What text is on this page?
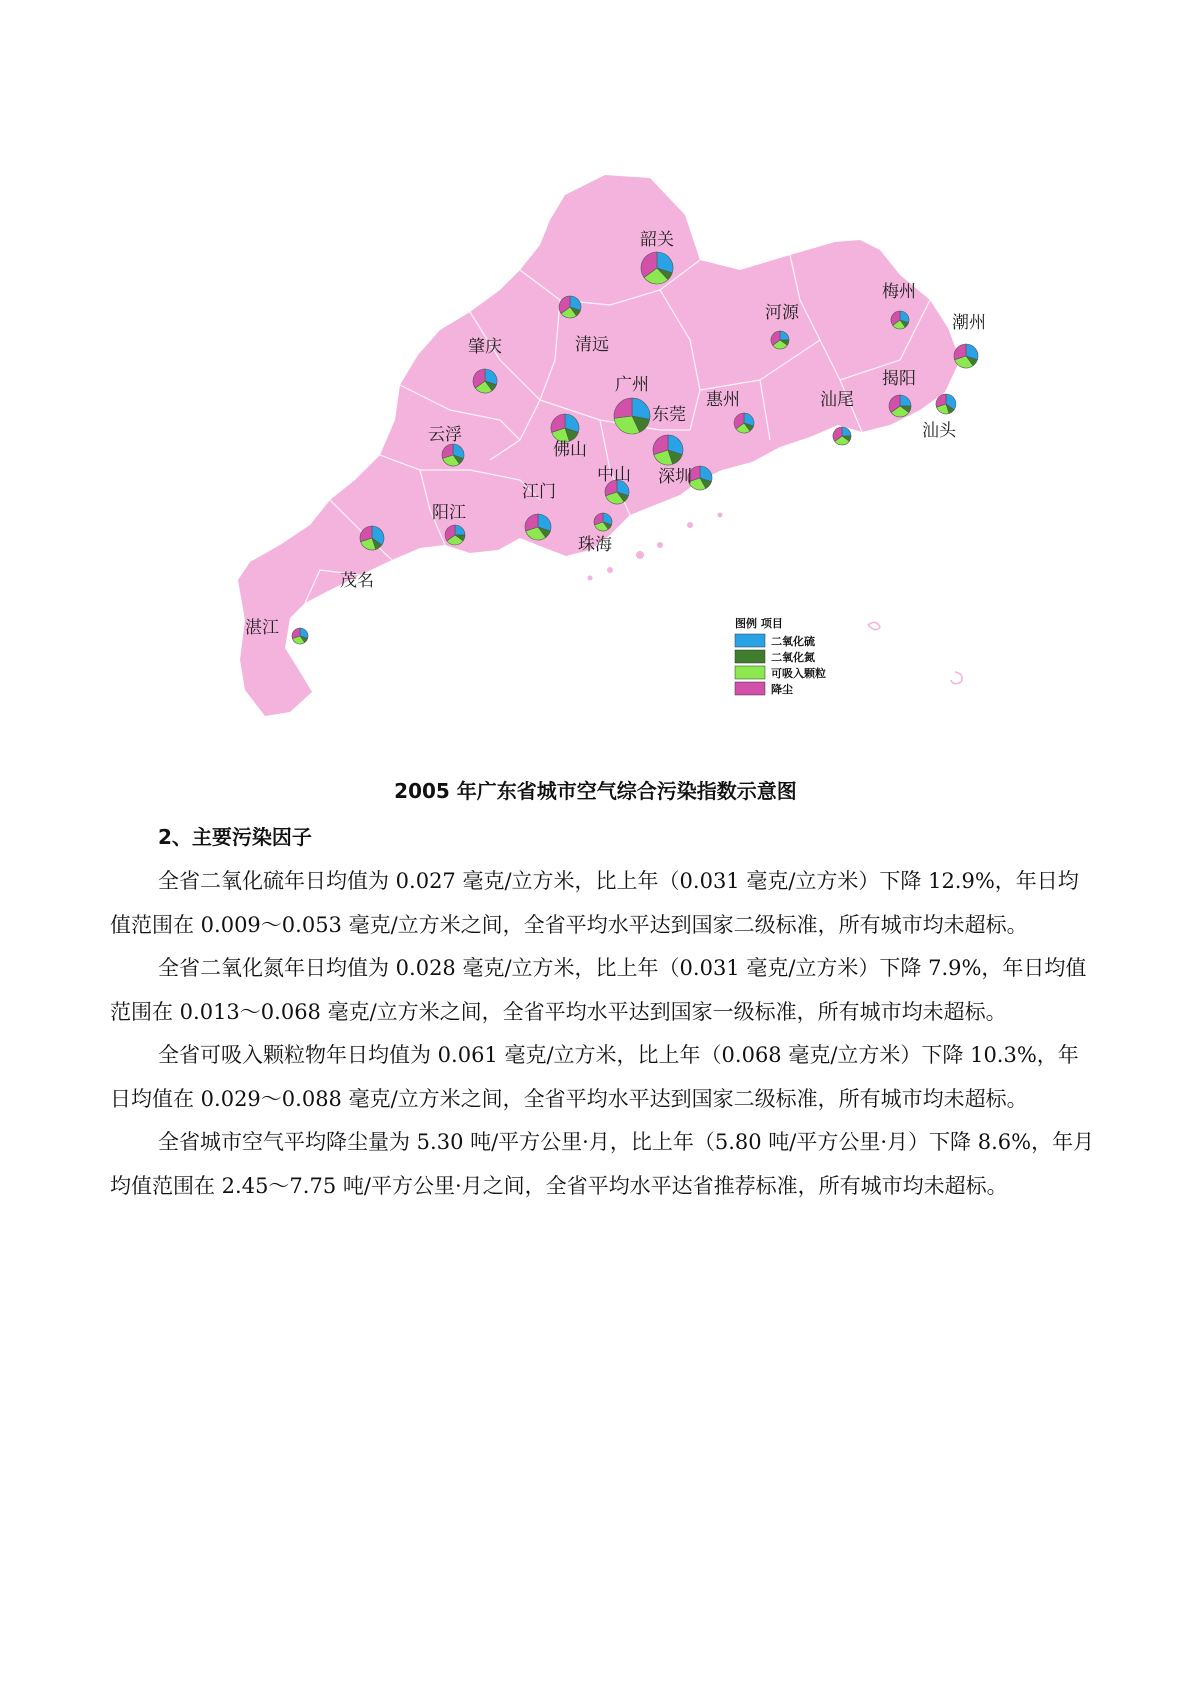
韶关
清远
河源
梅州
潮州
肇庆
广州
东莞
惠州	汕尾
揭阳
汕头
佛山
云浮
中山 深圳
江门
阳江
珠海
茂名
湛江	图例 项目
二氧化硫
二氧化氮
可吸入颗粒
降尘
2005 年广东省城市空气综合污染指数示意图
2、主要污染因子

全省二氧化硫年日均值为 0.027 毫克/立方米，比上年（0.031 毫克/立方米）下降 12.9%，年日均值范围在 0.009～0.053 毫克/立方米之间，全省平均水平达到国家二级标准，所有城市均未超标。

全省二氧化氮年日均值为 0.028 毫克/立方米，比上年（0.031 毫克/立方米）下降 7.9%，年日均值范围在 0.013～0.068 毫克/立方米之间，全省平均水平达到国家一级标准，所有城市均未超标。

全省可吸入颗粒物年日均值为 0.061 毫克/立方米，比上年（0.068 毫克/立方米）下降 10.3%，年日均值在 0.029～0.088 毫克/立方米之间，全省平均水平达到国家二级标准，所有城市均未超标。

全省城市空气平均降尘量为 5.30 吨/平方公里·月，比上年（5.80 吨/平方公里·月）下降 8.6%，年月均值范围在 2.45～7.75 吨/平方公里·月之间，全省平均水平达省推荐标准，所有城市均未超标。
